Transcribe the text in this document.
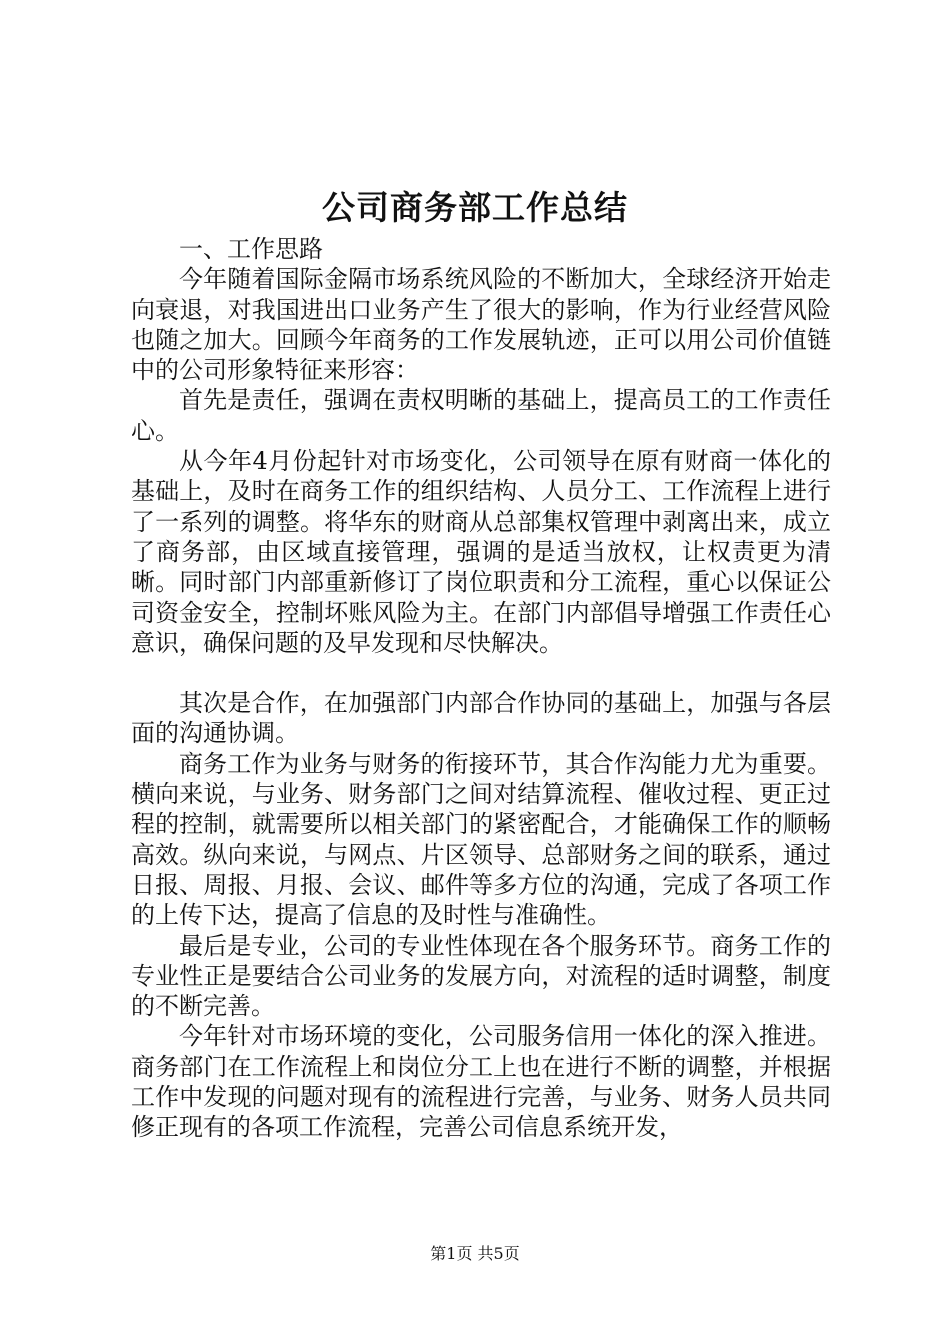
公司商务部工作总结

一、工作思路

今年随着国际金隔市场系统风险的不断加大，全球经济开始走向衰退，对我国进出口业务产生了很大的影响，作为行业经营风险也随之加大。回顾今年商务的工作发展轨迹，正可以用公司价值链中的公司形象特征来形容：

首先是责任，强调在责权明晰的基础上，提高员工的工作责任心。

从今年4月份起针对市场变化，公司领导在原有财商一体化的基础上，及时在商务工作的组织结构、人员分工、工作流程上进行了一系列的调整。将华东的财商从总部集权管理中剥离出来，成立了商务部，由区域直接管理，强调的是适当放权，让权责更为清晰。同时部门内部重新修订了岗位职责和分工流程，重心以保证公司资金安全，控制坏账风险为主。在部门内部倡导增强工作责任心意识，确保问题的及早发现和尽快解决。

其次是合作，在加强部门内部合作协同的基础上，加强与各层面的沟通协调。

商务工作为业务与财务的衔接环节，其合作沟能力尤为重要。横向来说，与业务、财务部门之间对结算流程、催收过程、更正过程的控制，就需要所以相关部门的紧密配合，才能确保工作的顺畅高效。纵向来说，与网点、片区领导、总部财务之间的联系，通过日报、周报、月报、会议、邮件等多方位的沟通，完成了各项工作的上传下达，提高了信息的及时性与准确性。

最后是专业，公司的专业性体现在各个服务环节。商务工作的专业性正是要结合公司业务的发展方向，对流程的适时调整，制度的不断完善。

今年针对市场环境的变化，公司服务信用一体化的深入推进。商务部门在工作流程上和岗位分工上也在进行不断的调整，并根据工作中发现的问题对现有的流程进行完善，与业务、财务人员共同修正现有的各项工作流程，完善公司信息系统开发，

第1页 共5页
